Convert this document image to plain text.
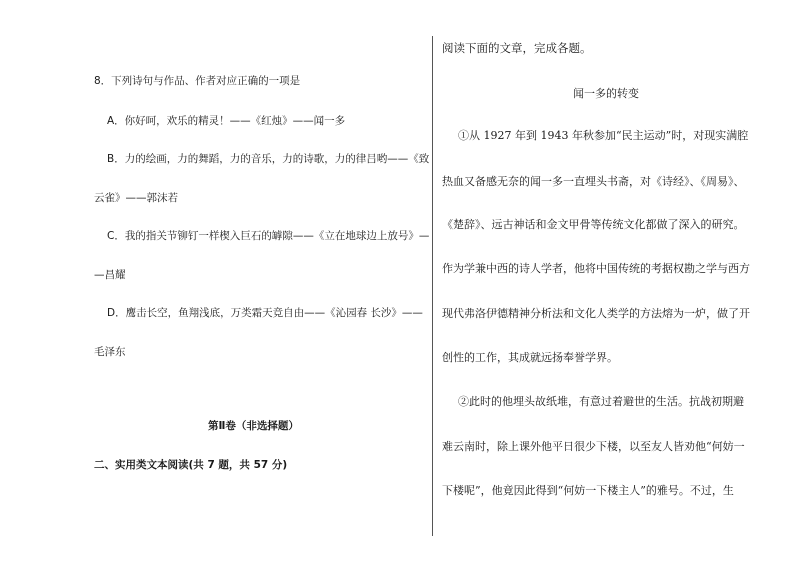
8．下列诗句与作品、作者对应正确的一项是
A．你好呵，欢乐的精灵！——《红烛》——闻一多
B．力的绘画，力的舞蹈，力的音乐，力的诗歌，力的律吕哟——《致
云雀》——郭沫若
C．我的指关节铆钉一样楔入巨石的罅隙——《立在地球边上放号》—
—昌耀
D．鹰击长空，鱼翔浅底，万类霜天竞自由——《沁园春 长沙》——
毛泽东
第Ⅱ卷（非选择题）
二、实用类文本阅读(共 7 题，共 57 分)
阅读下面的文章，完成各题。
闻一多的转变
①从 1927 年到 1943 年秋参加“民主运动”时，对现实满腔
热血又备感无奈的闻一多一直埋头书斋，对《诗经》、《周易》、
《楚辞》、远古神话和金文甲骨等传统文化都做了深入的研究。
作为学兼中西的诗人学者，他将中国传统的考据权勘之学与西方
现代弗洛伊德精神分析法和文化人类学的方法熔为一炉，做了开
创性的工作，其成就远扬奉誉学界。
②此时的他埋头故纸堆，有意过着避世的生活。抗战初期避
难云南时，除上课外他平日很少下楼，以至友人皆劝他“何妨一
下楼呢”，他竟因此得到“何妨一下楼主人”的雅号。不过，生
